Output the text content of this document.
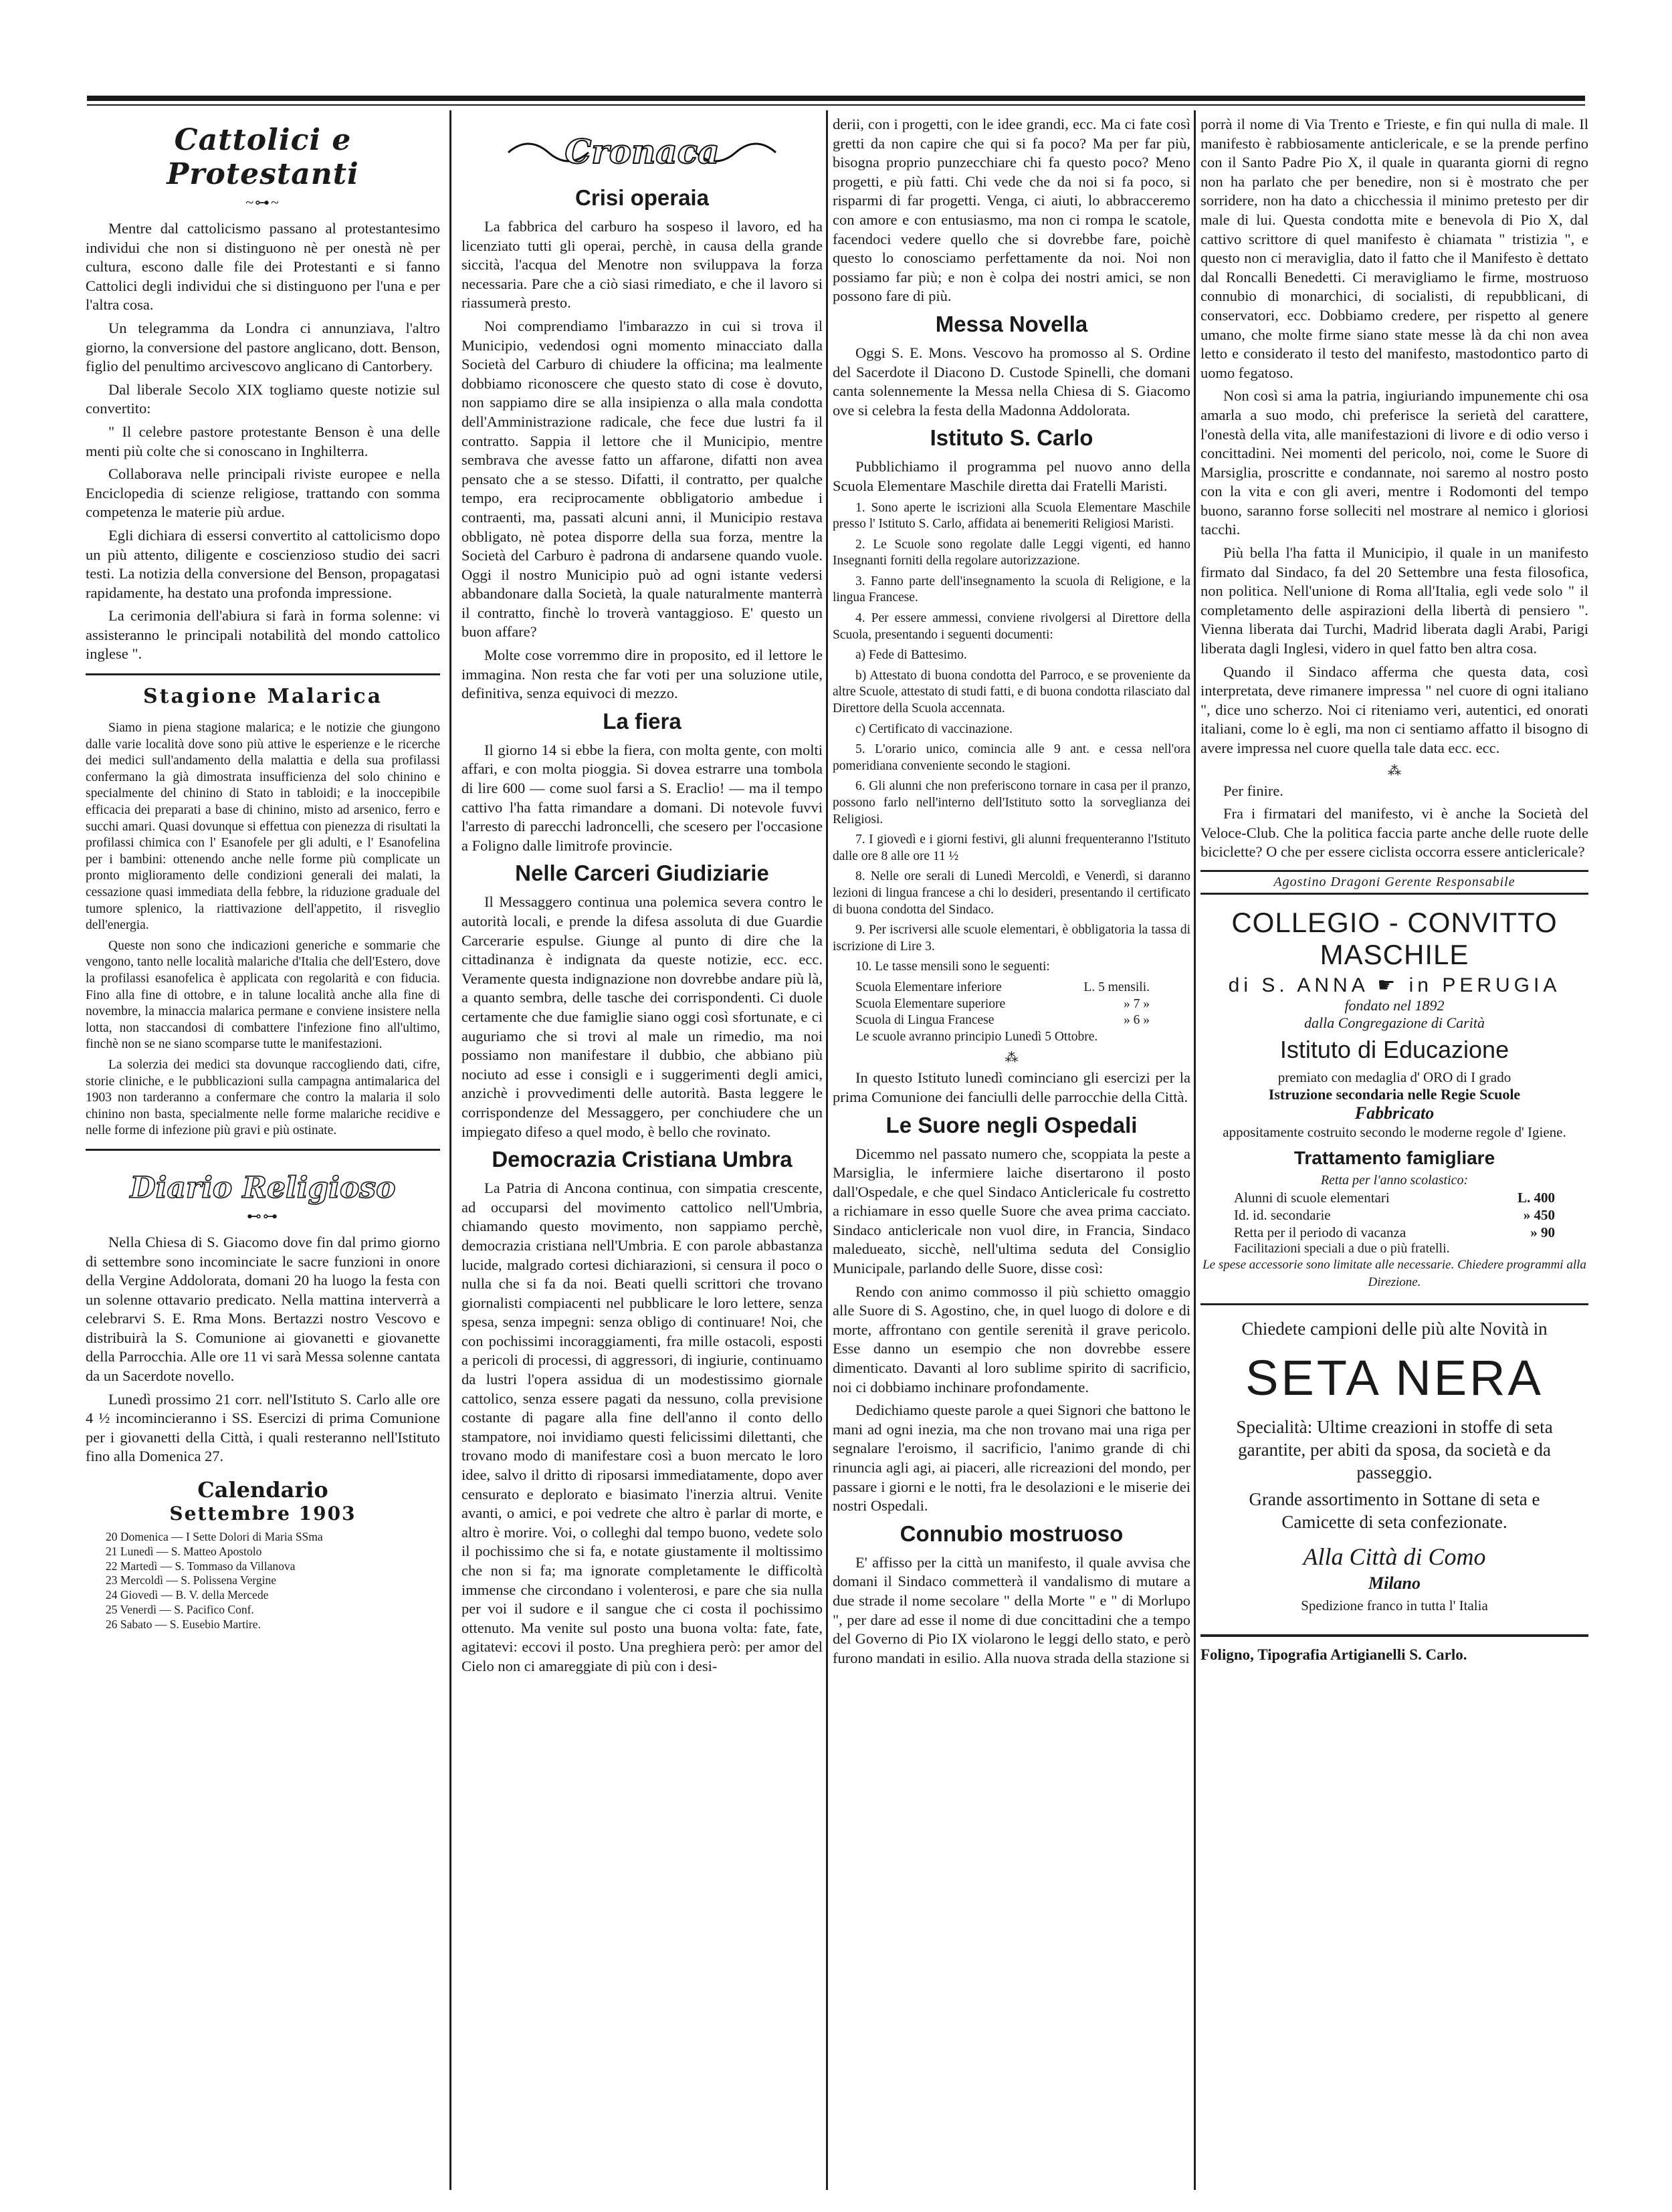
Cattolici e Protestanti
~⊶~

Mentre dal cattolicismo passano al protestantesimo individui che non si distinguono nè per onestà nè per cultura, escono dalle file dei Protestanti e si fanno Cattolici degli individui che si distinguono per l'una e per l'altra cosa.

Un telegramma da Londra ci annunziava, l'altro giorno, la conversione del pastore anglicano, dott. Benson, figlio del penultimo arcivescovo anglicano di Cantorbery.

Dal liberale Secolo XIX togliamo queste notizie sul convertito:

" Il celebre pastore protestante Benson è una delle menti più colte che si conoscano in Inghilterra.

Collaborava nelle principali riviste europee e nella Enciclopedia di scienze religiose, trattando con somma competenza le materie più ardue.

Egli dichiara di essersi convertito al cattolicismo dopo un più attento, diligente e coscienzioso studio dei sacri testi. La notizia della conversione del Benson, propagatasi rapidamente, ha destato una profonda impressione.

La cerimonia dell'abiura si farà in forma solenne: vi assisteranno le principali notabilità del mondo cattolico inglese ".

Stagione Malarica

Siamo in piena stagione malarica; e le notizie che giungono dalle varie località dove sono più attive le esperienze e le ricerche dei medici sull'andamento della malattia e della sua profilassi confermano la già dimostrata insufficienza del solo chinino e specialmente del chinino di Stato in tabloidi; e la inoccepibile efficacia dei preparati a base di chinino, misto ad arsenico, ferro e succhi amari. Quasi dovunque si effettua con pienezza di risultati la profilassi chimica con l' Esanofele per gli adulti, e l' Esanofelina per i bambini: ottenendo anche nelle forme più complicate un pronto miglioramento delle condizioni generali dei malati, la cessazione quasi immediata della febbre, la riduzione graduale del tumore splenico, la riattivazione dell'appetito, il risveglio dell'energia.

Queste non sono che indicazioni generiche e sommarie che vengono, tanto nelle località malariche d'Italia che dell'Estero, dove la profilassi esanofelica è applicata con regolarità e con fiducia. Fino alla fine di ottobre, e in talune località anche alla fine di novembre, la minaccia malarica permane e conviene insistere nella lotta, non staccandosi di combattere l'infezione fino all'ultimo, finchè non se ne siano scomparse tutte le manifestazioni.

La solerzia dei medici sta dovunque raccogliendo dati, cifre, storie cliniche, e le pubblicazioni sulla campagna antimalarica del 1903 non tarderanno a confermare che contro la malaria il solo chinino non basta, specialmente nelle forme malariche recidive e nelle forme di infezione più gravi e più ostinate.

Diario Religioso
⊷⊶

Nella Chiesa di S. Giacomo dove fin dal primo giorno di settembre sono incominciate le sacre funzioni in onore della Vergine Addolorata, domani 20 ha luogo la festa con un solenne ottavario predicato. Nella mattina interverrà a celebrarvi S. E. Rma Mons. Bertazzi nostro Vescovo e distribuirà la S. Comunione ai giovanetti e giovanette della Parrocchia. Alle ore 11 vi sarà Messa solenne cantata da un Sacerdote novello.

Lunedì prossimo 21 corr. nell'Istituto S. Carlo alle ore 4 ½ incomincieranno i SS. Esercizi di prima Comunione per i giovanetti della Città, i quali resteranno nell'Istituto fino alla Domenica 27.

Calendario
Settembre 1903
20 Domenica — I Sette Dolori di Maria SSma
21 Lunedì — S. Matteo Apostolo
22 Martedì — S. Tommaso da Villanova
23 Mercoldì — S. Polissena Vergine
24 Giovedì — B. V. della Mercede
25 Venerdì — S. Pacifico Conf.
26 Sabato — S. Eusebio Martire.
Cronaca
Crisi operaia

La fabbrica del carburo ha sospeso il lavoro, ed ha licenziato tutti gli operai, perchè, in causa della grande siccità, l'acqua del Menotre non sviluppava la forza necessaria. Pare che a ciò siasi rimediato, e che il lavoro si riassumerà presto.

Noi comprendiamo l'imbarazzo in cui si trova il Municipio, vedendosi ogni momento minacciato dalla Società del Carburo di chiudere la officina; ma lealmente dobbiamo riconoscere che questo stato di cose è dovuto, non sappiamo dire se alla insipienza o alla mala condotta dell'Amministrazione radicale, che fece due lustri fa il contratto. Sappia il lettore che il Municipio, mentre sembrava che avesse fatto un affarone, difatti non avea pensato che a se stesso. Difatti, il contratto, per qualche tempo, era reciprocamente obbligatorio ambedue i contraenti, ma, passati alcuni anni, il Municipio restava obbligato, nè potea disporre della sua forza, mentre la Società del Carburo è padrona di andarsene quando vuole. Oggi il nostro Municipio può ad ogni istante vedersi abbandonare dalla Società, la quale naturalmente manterrà il contratto, finchè lo troverà vantaggioso. E' questo un buon affare?

Molte cose vorremmo dire in proposito, ed il lettore le immagina. Non resta che far voti per una soluzione utile, definitiva, senza equivoci di mezzo.

La fiera

Il giorno 14 si ebbe la fiera, con molta gente, con molti affari, e con molta pioggia. Si dovea estrarre una tombola di lire 600 — come suol farsi a S. Eraclio! — ma il tempo cattivo l'ha fatta rimandare a domani. Di notevole fuvvi l'arresto di parecchi ladroncelli, che scesero per l'occasione a Foligno dalle limitrofe provincie.

Nelle Carceri Giudiziarie

Il Messaggero continua una polemica severa contro le autorità locali, e prende la difesa assoluta di due Guardie Carcerarie espulse. Giunge al punto di dire che la cittadinanza è indignata da queste notizie, ecc. ecc. Veramente questa indignazione non dovrebbe andare più là, a quanto sembra, delle tasche dei corrispondenti. Ci duole certamente che due famiglie siano oggi così sfortunate, e ci auguriamo che si trovi al male un rimedio, ma noi possiamo non manifestare il dubbio, che abbiano più nociuto ad esse i consigli e i suggerimenti degli amici, anzichè i provvedimenti delle autorità. Basta leggere le corrispondenze del Messaggero, per conchiudere che un impiegato difeso a quel modo, è bello che rovinato.

Democrazia Cristiana Umbra

La Patria di Ancona continua, con simpatia crescente, ad occuparsi del movimento cattolico nell'Umbria, chiamando questo movimento, non sappiamo perchè, democrazia cristiana nell'Umbria. E con parole abbastanza lucide, malgrado cortesi dichiarazioni, si censura il poco o nulla che si fa da noi. Beati quelli scrittori che trovano giornalisti compiacenti nel pubblicare le loro lettere, senza spesa, senza impegni: senza obligo di continuare! Noi, che con pochissimi incoraggiamenti, fra mille ostacoli, esposti a pericoli di processi, di aggressori, di ingiurie, continuamo da lustri l'opera assidua di un modestissimo giornale cattolico, senza essere pagati da nessuno, colla previsione costante di pagare alla fine dell'anno il conto dello stampatore, noi invidiamo questi felicissimi dilettanti, che trovano modo di manifestare così a buon mercato le loro idee, salvo il dritto di riposarsi immediatamente, dopo aver censurato e deplorato e biasimato l'inerzia altrui. Venite avanti, o amici, e poi vedrete che altro è parlar di morte, e altro è morire. Voi, o colleghi dal tempo buono, vedete solo il pochissimo che si fa, e notate giustamente il moltissimo che non si fa; ma ignorate completamente le difficoltà immense che circondano i volenterosi, e pare che sia nulla per voi il sudore e il sangue che ci costa il pochissimo ottenuto. Ma venite sul posto una buona volta: fate, fate, agitatevi: eccovi il posto. Una preghiera però: per amor del Cielo non ci amareggiate di più con i desi-

derii, con i progetti, con le idee grandi, ecc. Ma ci fate così gretti da non capire che qui si fa poco? Ma per far più, bisogna proprio punzecchiare chi fa questo poco? Meno progetti, e più fatti. Chi vede che da noi si fa poco, si risparmi di far progetti. Venga, ci aiuti, lo abbracceremo con amore e con entusiasmo, ma non ci rompa le scatole, facendoci vedere quello che si dovrebbe fare, poichè questo lo conosciamo perfettamente da noi. Noi non possiamo far più; e non è colpa dei nostri amici, se non possono fare di più.

Messa Novella

Oggi S. E. Mons. Vescovo ha promosso al S. Ordine del Sacerdote il Diacono D. Custode Spinelli, che domani canta solennemente la Messa nella Chiesa di S. Giacomo ove si celebra la festa della Madonna Addolorata.

Istituto S. Carlo

Pubblichiamo il programma pel nuovo anno della Scuola Elementare Maschile diretta dai Fratelli Maristi.

1. Sono aperte le iscrizioni alla Scuola Elementare Maschile presso l' Istituto S. Carlo, affidata ai benemeriti Religiosi Maristi.

2. Le Scuole sono regolate dalle Leggi vigenti, ed hanno Insegnanti forniti della regolare autorizzazione.

3. Fanno parte dell'insegnamento la scuola di Religione, e la lingua Francese.

4. Per essere ammessi, conviene rivolgersi al Direttore della Scuola, presentando i seguenti documenti:

a) Fede di Battesimo.

b) Attestato di buona condotta del Parroco, e se proveniente da altre Scuole, attestato di studi fatti, e di buona condotta rilasciato dal Direttore della Scuola accennata.

c) Certificato di vaccinazione.

5. L'orario unico, comincia alle 9 ant. e cessa nell'ora pomeridiana conveniente secondo le stagioni.

6. Gli alunni che non preferiscono tornare in casa per il pranzo, possono farlo nell'interno dell'Istituto sotto la sorveglianza dei Religiosi.

7. I giovedì e i giorni festivi, gli alunni frequenteranno l'Istituto dalle ore 8 alle ore 11 ½

8. Nelle ore serali di Lunedì Mercoldì, e Venerdì, si daranno lezioni di lingua francese a chi lo desideri, presentando il certificato di buona condotta del Sindaco.

9. Per iscriversi alle scuole elementari, è obbligatoria la tassa di iscrizione di Lire 3.

10. Le tasse mensili sono le seguenti:

Scuola Elementare inferiore	L. 5 mensili.
Scuola Elementare superiore	» 7 »
Scuola di Lingua Francese	» 6 »

Le scuole avranno principio Lunedì 5 Ottobre.

⁂

In questo Istituto lunedì cominciano gli esercizi per la prima Comunione dei fanciulli delle parrocchie della Città.

Le Suore negli Ospedali

Dicemmo nel passato numero che, scoppiata la peste a Marsiglia, le infermiere laiche disertarono il posto dall'Ospedale, e che quel Sindaco Anticlericale fu costretto a richiamare in esso quelle Suore che avea prima cacciato. Sindaco anticlericale non vuol dire, in Francia, Sindaco maledueato, sicchè, nell'ultima seduta del Consiglio Municipale, parlando delle Suore, disse così:

Rendo con animo commosso il più schietto omaggio alle Suore di S. Agostino, che, in quel luogo di dolore e di morte, affrontano con gentile serenità il grave pericolo. Esse danno un esempio che non dovrebbe essere dimenticato. Davanti al loro sublime spirito di sacrificio, noi ci dobbiamo inchinare profondamente.

Dedichiamo queste parole a quei Signori che battono le mani ad ogni inezia, ma che non trovano mai una riga per segnalare l'eroismo, il sacrificio, l'animo grande di chi rinuncia agli agi, ai piaceri, alle ricreazioni del mondo, per passare i giorni e le notti, fra le desolazioni e le miserie dei nostri Ospedali.

Connubio mostruoso

E' affisso per la città un manifesto, il quale avvisa che domani il Sindaco commetterà il vandalismo di mutare a due strade il nome secolare " della Morte " e " di Morlupo ", per dare ad esse il nome di due concittadini che a tempo del Governo di Pio IX violarono le leggi dello stato, e però furono mandati in esilio. Alla nuova strada della stazione si

porrà il nome di Via Trento e Trieste, e fin qui nulla di male. Il manifesto è rabbiosamente anticlericale, e se la prende perfino con il Santo Padre Pio X, il quale in quaranta giorni di regno non ha parlato che per benedire, non si è mostrato che per sorridere, non ha dato a chicchessia il minimo pretesto per dir male di lui. Questa condotta mite e benevola di Pio X, dal cattivo scrittore di quel manifesto è chiamata " tristizia ", e questo non ci meraviglia, dato il fatto che il Manifesto è dettato dal Roncalli Benedetti. Ci meravigliamo le firme, mostruoso connubio di monarchici, di socialisti, di repubblicani, di conservatori, ecc. Dobbiamo credere, per rispetto al genere umano, che molte firme siano state messe là da chi non avea letto e considerato il testo del manifesto, mastodontico parto di uomo fegatoso.

Non così si ama la patria, ingiuriando impunemente chi osa amarla a suo modo, chi preferisce la serietà del carattere, l'onestà della vita, alle manifestazioni di livore e di odio verso i concittadini. Nei momenti del pericolo, noi, come le Suore di Marsiglia, proscritte e condannate, noi saremo al nostro posto con la vita e con gli averi, mentre i Rodomonti del tempo buono, saranno forse solleciti nel mostrare al nemico i gloriosi tacchi.

Più bella l'ha fatta il Municipio, il quale in un manifesto firmato dal Sindaco, fa del 20 Settembre una festa filosofica, non politica. Nell'unione di Roma all'Italia, egli vede solo " il completamento delle aspirazioni della libertà di pensiero ". Vienna liberata dai Turchi, Madrid liberata dagli Arabi, Parigi liberata dagli Inglesi, videro in quel fatto ben altra cosa.

Quando il Sindaco afferma che questa data, così interpretata, deve rimanere impressa " nel cuore di ogni italiano ", dice uno scherzo. Noi ci riteniamo veri, autentici, ed onorati italiani, come lo è egli, ma non ci sentiamo affatto il bisogno di avere impressa nel cuore quella tale data ecc. ecc.

⁂

Per finire.

Fra i firmatari del manifesto, vi è anche la Società del Veloce-Club. Che la politica faccia parte anche delle ruote delle biciclette? O che per essere ciclista occorra essere anticlericale?

Agostino Dragoni Gerente Responsabile
COLLEGIO - CONVITTO MASCHILE
di S. ANNA ☛ in PERUGIA
fondato nel 1892
dalla Congregazione di Carità
Istituto di Educazione
premiato con medaglia d' ORO di I grado
Istruzione secondaria nelle Regie Scuole
Fabbricato
appositamente costruito secondo le moderne regole d' Igiene.
Trattamento famigliare
Retta per l'anno scolastico:
Alunni di scuole elementari	L. 400
Id. id. secondarie	» 450
Retta per il periodo di vacanza	» 90
Facilitazioni speciali a due o più fratelli.
Le spese accessorie sono limitate alle necessarie. Chiedere programmi alla Direzione.

Chiedete campioni delle più alte Novità in

SETA NERA

Specialità: Ultime creazioni in stoffe di seta garantite, per abiti da sposa, da società e da passeggio.

Grande assortimento in Sottane di seta e Camicette di seta confezionate.

Alla Città di Como
Milano
Spedizione franco in tutta l' Italia
Foligno, Tipografia Artigianelli S. Carlo.
